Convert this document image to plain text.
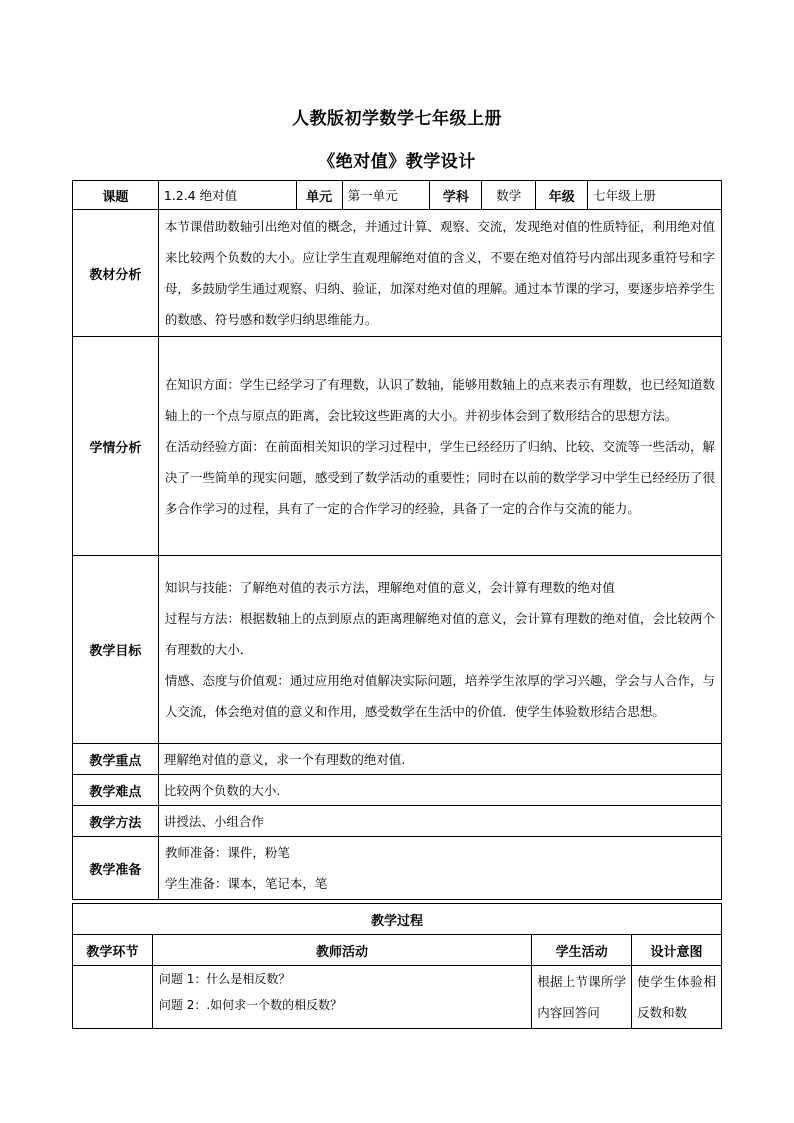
人教版初学数学七年级上册
《绝对值》教学设计
课题	1.2.4 绝对值	单元	第一单元	学科	数学	年级	七年级上册
教材分析	本节课借助数轴引出绝对值的概念，并通过计算、观察、交流，发现绝对值的性质特征，利用绝对值来比较两个负数的大小。应让学生直观理解绝对值的含义，不要在绝对值符号内部出现多重符号和字母，多鼓励学生通过观察、归纳、验证，加深对绝对值的理解。通过本节课的学习，要逐步培养学生的数感、符号感和数学归纳思维能力。						

学情分析	在知识方面：学生已经学习了有理数，认识了数轴，能够用数轴上的点来表示有理数，也已经知道数轴上的一个点与原点的距离，会比较这些距离的大小。并初步体会到了数形结合的思想方法。
在活动经验方面：在前面相关知识的学习过程中，学生已经经历了归纳、比较、交流等一些活动，解决了一些简单的现实问题，感受到了数学活动的重要性；同时在以前的数学学习中学生已经经历了很多合作学习的过程，具有了一定的合作学习的经验，具备了一定的合作与交流的能力。						

教学目标	知识与技能：了解绝对值的表示方法，理解绝对值的意义，会计算有理数的绝对值
过程与方法：根据数轴上的点到原点的距离理解绝对值的意义，会计算有理数的绝对值，会比较两个有理数的大小．
情感、态度与价值观：通过应用绝对值解决实际问题，培养学生浓厚的学习兴趣，学会与人合作，与人交流，体会绝对值的意义和作用，感受数学在生活中的价值．使学生体验数形结合思想。						

教学重点	理解绝对值的意义，求一个有理数的绝对值.						
教学难点	比较两个负数的大小.						
教学方法	讲授法、小组合作						
教学准备	教师准备：课件，粉笔
学生准备：课本，笔记本，笔						
教学过程			
教学环节	教师活动	学生活动	设计意图

	问题 1：什么是相反数？
问题 2：.如何求一个数的相反数？	根据上节课所学内容回答问	使学生体验相反数和数
